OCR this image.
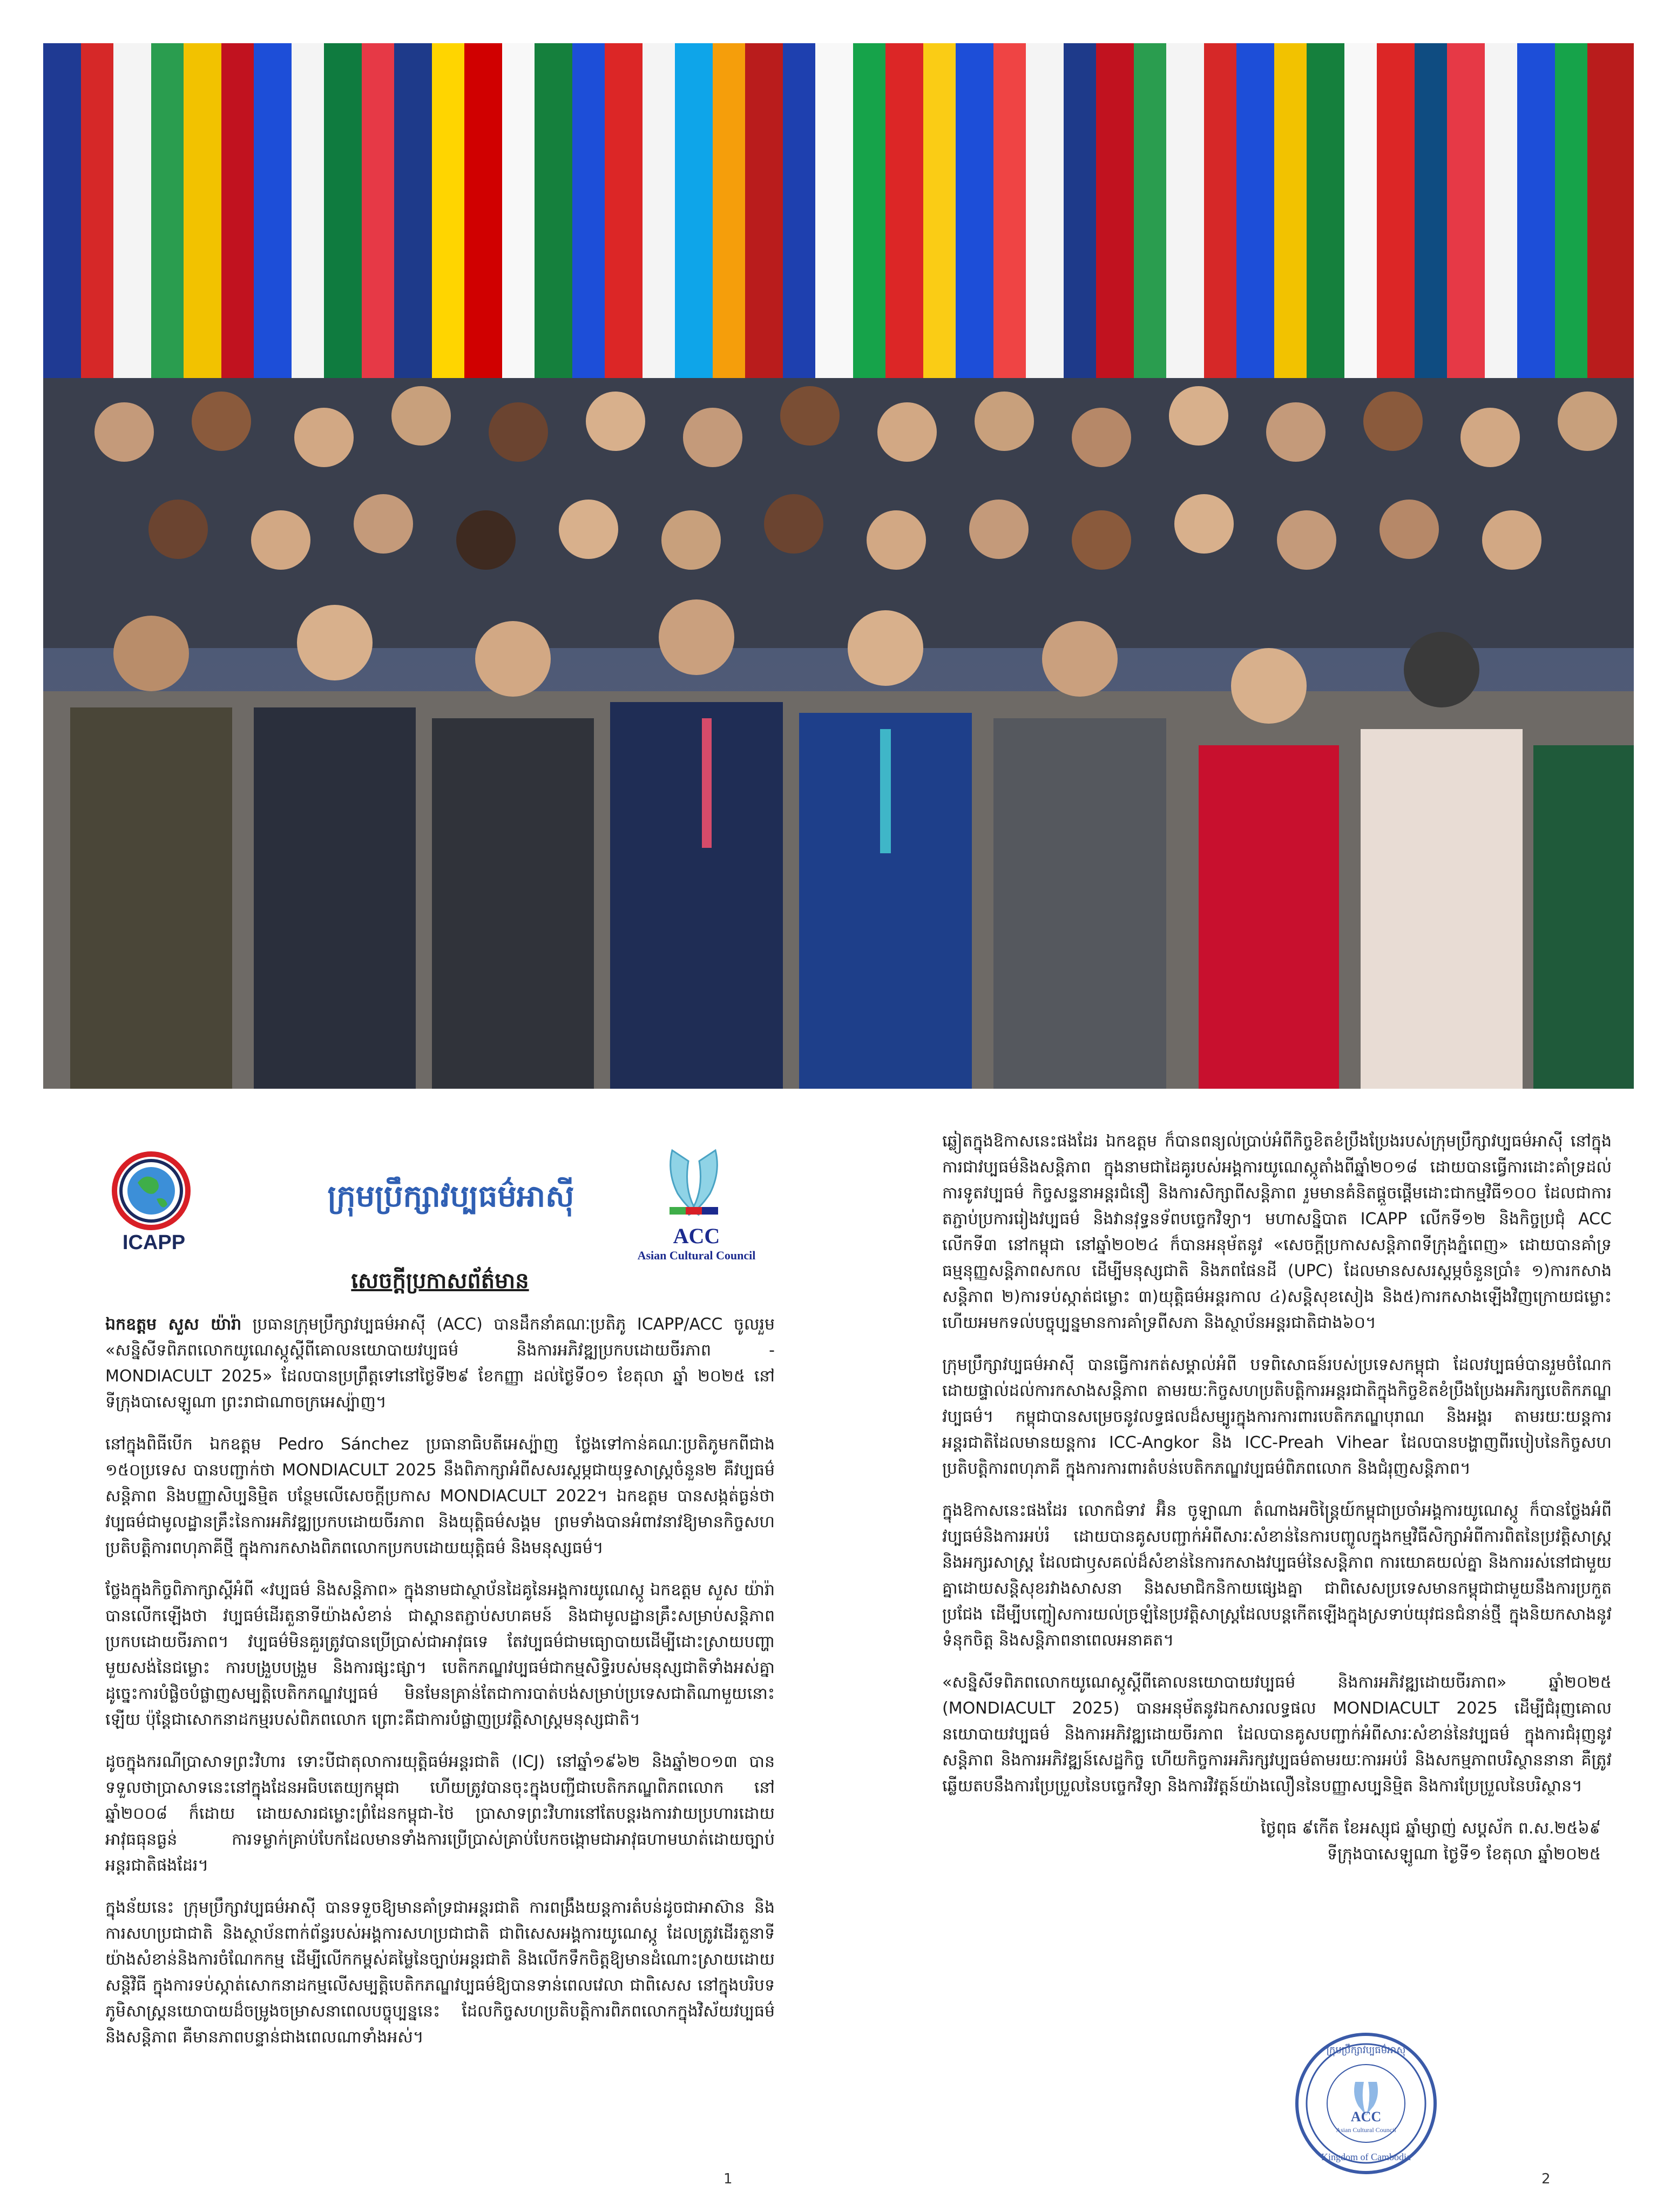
ICAPP
ក្រុមប្រឹក្សាវប្បធម៌អាស៊ី
ACC
Asian Cultural Council
សេចក្តីប្រកាសព័ត៌មាន

ឯកឧត្តម សួស យ៉ារ៉ា ប្រធានក្រុមប្រឹក្សាវប្បធម៌អាស៊ី (ACC) បានដឹកនាំគណៈប្រតិភូ ICAPP/ACC ចូលរួម «សន្និសីទពិភពលោកយូណេស្កូស្តីពីគោលនយោបាយវប្បធម៌ និងការអភិវឌ្ឍប្រកបដោយចីរភាព - MONDIACULT 2025» ដែលបានប្រព្រឹត្តទៅនៅថ្ងៃទី២៩ ខែកញ្ញា ដល់ថ្ងៃទី០១ ខែតុលា ឆ្នាំ ២០២៥ នៅទីក្រុងបាសេឡូណា ព្រះរាជាណាចក្រអេស្ប៉ាញ។

នៅក្នុងពិធីបើក ឯកឧត្តម Pedro Sánchez ប្រធានាធិបតីអេស្ប៉ាញ ថ្លែងទៅកាន់គណៈប្រតិភូមកពីជាង ១៥០ប្រទេស បានបញ្ជាក់ថា MONDIACULT 2025 នឹងពិភាក្សាអំពីសសរស្តម្ភជាយុទ្ធសាស្ត្រចំនួន២ គឺវប្បធម៌សន្តិភាព និងបញ្ញាសិប្បនិម្មិត បន្ថែមលើសេចក្តីប្រកាស MONDIACULT 2022។ ឯកឧត្តម បានសង្កត់ធ្ងន់ថា វប្បធម៌ជាមូលដ្ឋានគ្រឹះនៃការអភិវឌ្ឍប្រកបដោយចីរភាព និងយុត្តិធម៌សង្គម ព្រមទាំងបានអំពាវនាវឱ្យមានកិច្ចសហប្រតិបត្តិការពហុភាគីថ្មី ក្នុងការកសាងពិភពលោកប្រកបដោយយុត្តិធម៌ និងមនុស្សធម៌។

ថ្លែងក្នុងកិច្ចពិភាក្សាស្តីអំពី «វប្បធម៌ និងសន្តិភាព» ក្នុងនាមជាស្ថាប័នដៃគូនៃអង្គការយូណេស្កូ ឯកឧត្តម សួស យ៉ារ៉ា បានលើកឡើងថា វប្បធម៌ដើរតួនាទីយ៉ាងសំខាន់ ជាស្ពានតភ្ជាប់សហគមន៍ និងជាមូលដ្ឋានគ្រឹះសម្រាប់សន្តិភាពប្រកបដោយចីរភាព។ វប្បធម៌មិនគួរត្រូវបានប្រើប្រាស់ជាអាវុធទេ តែវប្បធម៌ជាមធ្យោបាយដើម្បីដោះស្រាយបញ្ហាមួយសង់នៃជម្លោះ ការបង្រួបបង្រួម និងការផ្សះផ្សា។ បេតិកភណ្ឌវប្បធម៌ជាកម្មសិទ្ធិរបស់មនុស្សជាតិទាំងអស់គ្នា ដូច្នេះការបំផ្លិចបំផ្លាញសម្បត្តិបេតិកភណ្ឌវប្បធម៌ មិនមែនគ្រាន់តែជាការបាត់បង់សម្រាប់ប្រទេសជាតិណាមួយនោះឡើយ ប៉ុន្តែជាសោកនាដកម្មរបស់ពិភពលោក ព្រោះគឺជាការបំផ្លាញប្រវត្តិសាស្ត្រមនុស្សជាតិ។

ដូចក្នុងករណីប្រាសាទព្រះវិហារ ទោះបីជាតុលាការយុត្តិធម៌អន្តរជាតិ (ICJ) នៅឆ្នាំ១៩៦២ និងឆ្នាំ២០១៣ បានទទួលថាប្រាសាទនេះនៅក្នុងដែនអធិបតេយ្យកម្ពុជា ហើយត្រូវបានចុះក្នុងបញ្ជីជាបេតិកភណ្ឌពិភពលោក នៅឆ្នាំ២០០៨ ក៏ដោយ ដោយសារជម្លោះព្រំដែនកម្ពុជា-ថៃ ប្រាសាទព្រះវិហារនៅតែបន្តរងការវាយប្រហារដោយអាវុធធុនធ្ងន់ ការទម្លាក់គ្រាប់បែកដែលមានទាំងការប្រើប្រាស់គ្រាប់បែកចង្កោមជាអាវុធហាមឃាត់ដោយច្បាប់អន្តរជាតិផងដែរ។

ក្នុងន័យនេះ ក្រុមប្រឹក្សាវប្បធម៌អាស៊ី បានទទួចឱ្យមានគាំទ្រជាអន្តរជាតិ ការពង្រឹងយន្តការតំបន់ដូចជាអាស៊ាន និងការសហប្រជាជាតិ និងស្ថាប័នពាក់ព័ន្ធរបស់អង្គការសហប្រជាជាតិ ជាពិសេសអង្គការយូណេស្កូ ដែលត្រូវដើរតួនាទីយ៉ាងសំខាន់និងការចំណែកកម្ម ដើម្បីលើកកម្ពស់គម្លៃនៃច្បាប់អន្តរជាតិ និងលើកទឹកចិត្តឱ្យមានដំណោះស្រាយដោយសន្តិវិធី ក្នុងការទប់ស្កាត់សោកនាដកម្មលើសម្បត្តិបេតិកភណ្ឌវប្បធម៌ឱ្យបានទាន់ពេលវេលា ជាពិសេស នៅក្នុងបរិបទភូមិសាស្ត្រនយោបាយដ៏ចម្រូងចម្រាសនាពេលបច្ចុប្បន្ននេះ ដែលកិច្ចសហប្រតិបត្តិការពិភពលោកក្នុងវិស័យវប្បធម៌ និងសន្តិភាព គឺមានភាពបន្ទាន់ជាងពេលណាទាំងអស់។

1

ឆ្លៀតក្នុងឱកាសនេះផងដែរ ឯកឧត្តម ក៏បានពន្យល់ប្រាប់អំពីកិច្ចខិតខំប្រឹងប្រែងរបស់ក្រុមប្រឹក្សាវប្បធម៌អាស៊ី នៅក្នុងការជាវប្បធម៌និងសន្តិភាព ក្នុងនាមជាដៃគូរបស់អង្គការយូណេស្កូតាំងពីឆ្នាំ២០១៨ ដោយបានធ្វើការដោះគាំទ្រដល់ការទូតវប្បធម៌ កិច្ចសន្ទនាអន្តរជំនឿ និងការសិក្សាពីសន្តិភាព រួមមានគំនិតផ្តួចផ្តើមដោះជាកម្មវិធី១០០ ដែលជាការតភ្ជាប់ប្រការរៀងវប្បធម៌ និងវានវុទ្ធនទ័ពបច្ចេកវិទ្យា។ មហាសន្និបាត ICAPP លើកទី១២ និងកិច្ចប្រជុំ ACC លើកទី៣ នៅកម្ពុជា នៅឆ្នាំ២០២៤ ក៏បានអនុម័តនូវ «សេចក្តីប្រកាសសន្តិភាពទីក្រុងភ្នំពេញ» ដោយបានគាំទ្រធម្មនុញ្ញសន្តិភាពសកល ដើម្បីមនុស្សជាតិ និងភពផែនដី (UPC) ដែលមានសសរស្តម្ភចំនួនប្រាំ៖ ១)ការកសាងសន្តិភាព ២)ការទប់ស្កាត់ជម្លោះ ៣)យុត្តិធម៌អន្តរកាល ៤)សន្តិសុខសៀង និង៥)ការកសាងឡើងវិញក្រោយជម្លោះ ហើយអមកទល់បច្ចុប្បន្នមានការគាំទ្រពីសភា និងស្ថាប័នអន្តរជាតិជាង៦០។

ក្រុមប្រឹក្សាវប្បធម៌អាស៊ី បានធ្វើការកត់សម្គាល់អំពី បទពិសោធន៍របស់ប្រទេសកម្ពុជា ដែលវប្បធម៌បានរួមចំណែកដោយផ្ទាល់ដល់ការកសាងសន្តិភាព តាមរយៈកិច្ចសហប្រតិបត្តិការអន្តរជាតិក្នុងកិច្ចខិតខំប្រឹងប្រែងអភិរក្សបេតិកភណ្ឌវប្បធម៌។ កម្ពុជាបានសម្រេចនូវលទ្ធផលដ៏សម្បូរក្នុងការការពារបេតិកភណ្ឌបុរាណ និងអង្គរ តាមរយៈយន្តការអន្តរជាតិដែលមានយន្តការ ICC-Angkor និង ICC-Preah Vihear ដែលបានបង្ហាញពីរបៀបនៃកិច្ចសហប្រតិបត្តិការពហុភាគី ក្នុងការការពារតំបន់បេតិកភណ្ឌវប្បធម៌ពិភពលោក និងជំរុញសន្តិភាព។

ក្នុងឱកាសនេះផងដែរ លោកជំទាវ អ៊ិន ចូឡាណា តំណាងអចិន្ត្រៃយ៍កម្ពុជាប្រចាំអង្គការយូណេស្កូ ក៏បានថ្លែងអំពីវប្បធម៌និងការអប់រំ ដោយបានគូសបញ្ជាក់អំពីសារៈសំខាន់នៃការបញ្ចូលក្នុងកម្មវិធីសិក្សាអំពីការពិតនៃប្រវត្តិសាស្ត្រនិងអក្សរសាស្ត្រ ដែលជាឫសគល់ដ៏សំខាន់នៃការកសាងវប្បធម៌នៃសន្តិភាព ការយោគយល់គ្នា និងការរស់នៅជាមួយគ្នាដោយសន្តិសុខរវាងសាសនា និងសមាជិកនិកាយផ្សេងគ្នា ជាពិសេសប្រទេសមានកម្ពុជាជាមួយនឹងការប្រកួតប្រជែង ដើម្បីបញ្ជៀសការយល់ច្រឡំនៃប្រវត្តិសាស្ត្រដែលបន្តកើតឡើងក្នុងស្រទាប់យុវជនជំនាន់ថ្មី ក្នុងនិយកសាងនូវទំនុកចិត្ត និងសន្តិភាពនាពេលអនាគត។

«សន្និសីទពិភពលោកយូណេស្កូស្តីពីគោលនយោបាយវប្បធម៌ និងការអភិវឌ្ឍដោយចីរភាព» ឆ្នាំ២០២៥ (MONDIACULT 2025) បានអនុម័តនូវឯកសារលទ្ធផល MONDIACULT 2025 ដើម្បីជំរុញគោលនយោបាយវប្បធម៌ និងការអភិវឌ្ឍដោយចីរភាព ដែលបានគូសបញ្ជាក់អំពីសារៈសំខាន់នៃវប្បធម៌ ក្នុងការជំរុញនូវសន្តិភាព និងការអភិវឌ្ឍន៍សេដ្ឋកិច្ច ហើយកិច្ចការអភិរក្សវប្បធម៌តាមរយៈការអប់រំ និងសកម្មភាពបរិស្ថាននានា គឺត្រូវឆ្លើយតបនឹងការប្រែប្រួលនៃបច្ចេកវិទ្យា និងការវិវត្តន៍យ៉ាងលឿននៃបញ្ញាសប្បនិម្មិត និងការប្រែប្រួលនៃបរិស្ថាន។

ថ្ងៃពុធ ៩កើត ខែអស្សុជ ឆ្នាំម្សាញ់ សប្តស័ក ព.ស.២៥៦៩
ទីក្រុងបាសេឡូណា ថ្ងៃទី១ ខែតុលា ឆ្នាំ២០២៥
ក្រុមប្រឹក្សាវប្បធម៌អាស៊ី
ACC
Asian Cultural Council
Kingdom of Cambodia
2
